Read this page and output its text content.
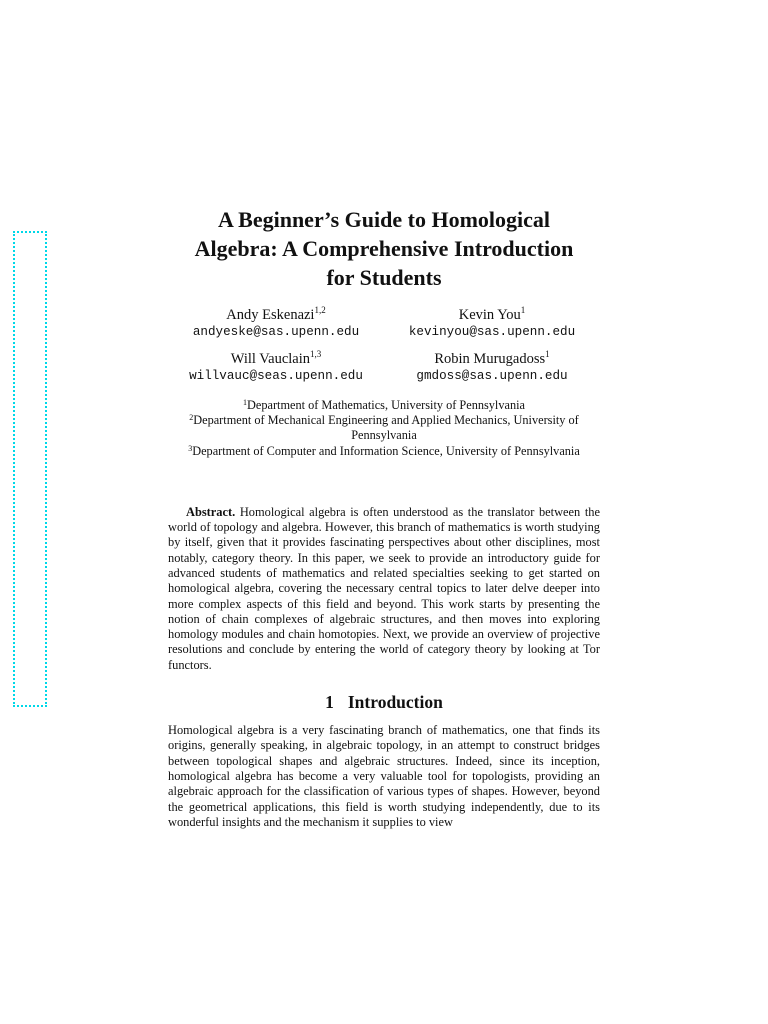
A Beginner’s Guide to Homological
Algebra: A Comprehensive Introduction
for Students
Andy Eskenazi$^{1,2}$
andyeske@sas.upenn.edu
Kevin You$^1$
kevinyou@sas.upenn.edu
Will Vauclain$^{1,3}$
willvauc@seas.upenn.edu
Robin Murugadoss$^1$
gmdoss@sas.upenn.edu
$^1$Department of Mathematics, University of Pennsylvania
$^2$Department of Mechanical Engineering and Applied Mechanics, University of Pennsylvania
$^3$Department of Computer and Information Science, University of Pennsylvania
Abstract. Homological algebra is often understood as the translator between the world of topology and algebra. However, this branch of mathematics is worth studying by itself, given that it provides fascinating perspectives about other disciplines, most notably, category theory. In this paper, we seek to provide an introductory guide for advanced students of mathematics and related specialties seeking to get started on homological algebra, covering the necessary central topics to later delve deeper into more complex aspects of this field and beyond. This work starts by presenting the notion of chain complexes of algebraic structures, and then moves into exploring homology modules and chain homotopies. Next, we provide an overview of projective resolutions and conclude by entering the world of category theory by looking at Tor functors.
1 Introduction
Homological algebra is a very fascinating branch of mathematics, one that finds its origins, generally speaking, in algebraic topology, in an attempt to construct bridges between topological shapes and algebraic structures. Indeed, since its inception, homological algebra has become a very valuable tool for topologists, providing an algebraic approach for the classification of various types of shapes. However, beyond the geometrical applications, this field is worth studying independently, due to its wonderful insights and the mechanism it supplies to view
